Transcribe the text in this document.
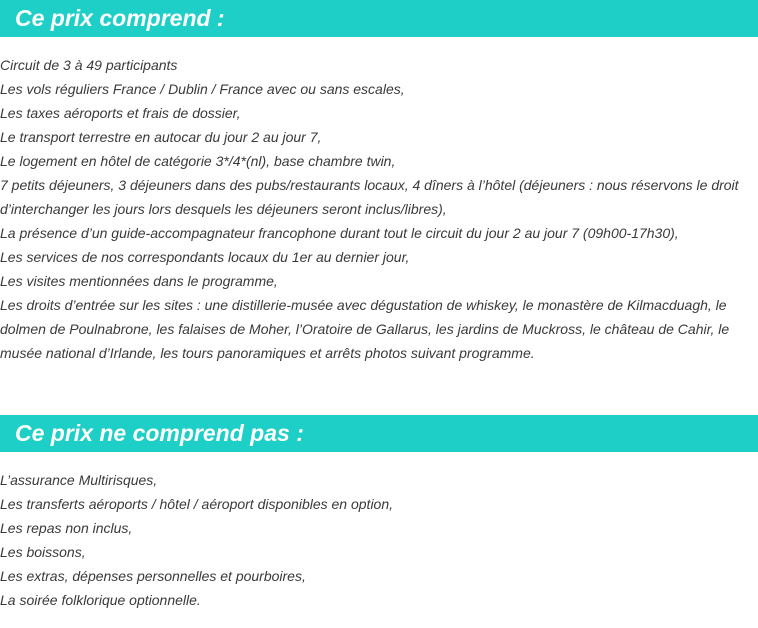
Ce prix comprend :
Circuit de 3 à 49 participants
Les vols réguliers France / Dublin / France avec ou sans escales,
Les taxes aéroports et frais de dossier,
Le transport terrestre en autocar du jour 2 au jour 7,
Le logement en hôtel de catégorie 3*/4*(nl), base chambre twin,
7 petits déjeuners, 3 déjeuners dans des pubs/restaurants locaux, 4 dîners à l’hôtel (déjeuners : nous réservons le droit d’interchanger les jours lors desquels les déjeuners seront inclus/libres),
La présence d’un guide-accompagnateur francophone durant tout le circuit du jour 2 au jour 7 (09h00-17h30),
Les services de nos correspondants locaux du 1er au dernier jour,
Les visites mentionnées dans le programme,
Les droits d’entrée sur les sites : une distillerie-musée avec dégustation de whiskey, le monastère de Kilmacduagh, le dolmen de Poulnabrone, les falaises de Moher, l’Oratoire de Gallarus, les jardins de Muckross, le château de Cahir, le musée national d’Irlande, les tours panoramiques et arrêts photos suivant programme.
Ce prix ne comprend pas :
L’assurance Multirisques,
Les transferts aéroports / hôtel / aéroport disponibles en option,
Les repas non inclus,
Les boissons,
Les extras, dépenses personnelles et pourboires,
La soirée folklorique optionnelle.
